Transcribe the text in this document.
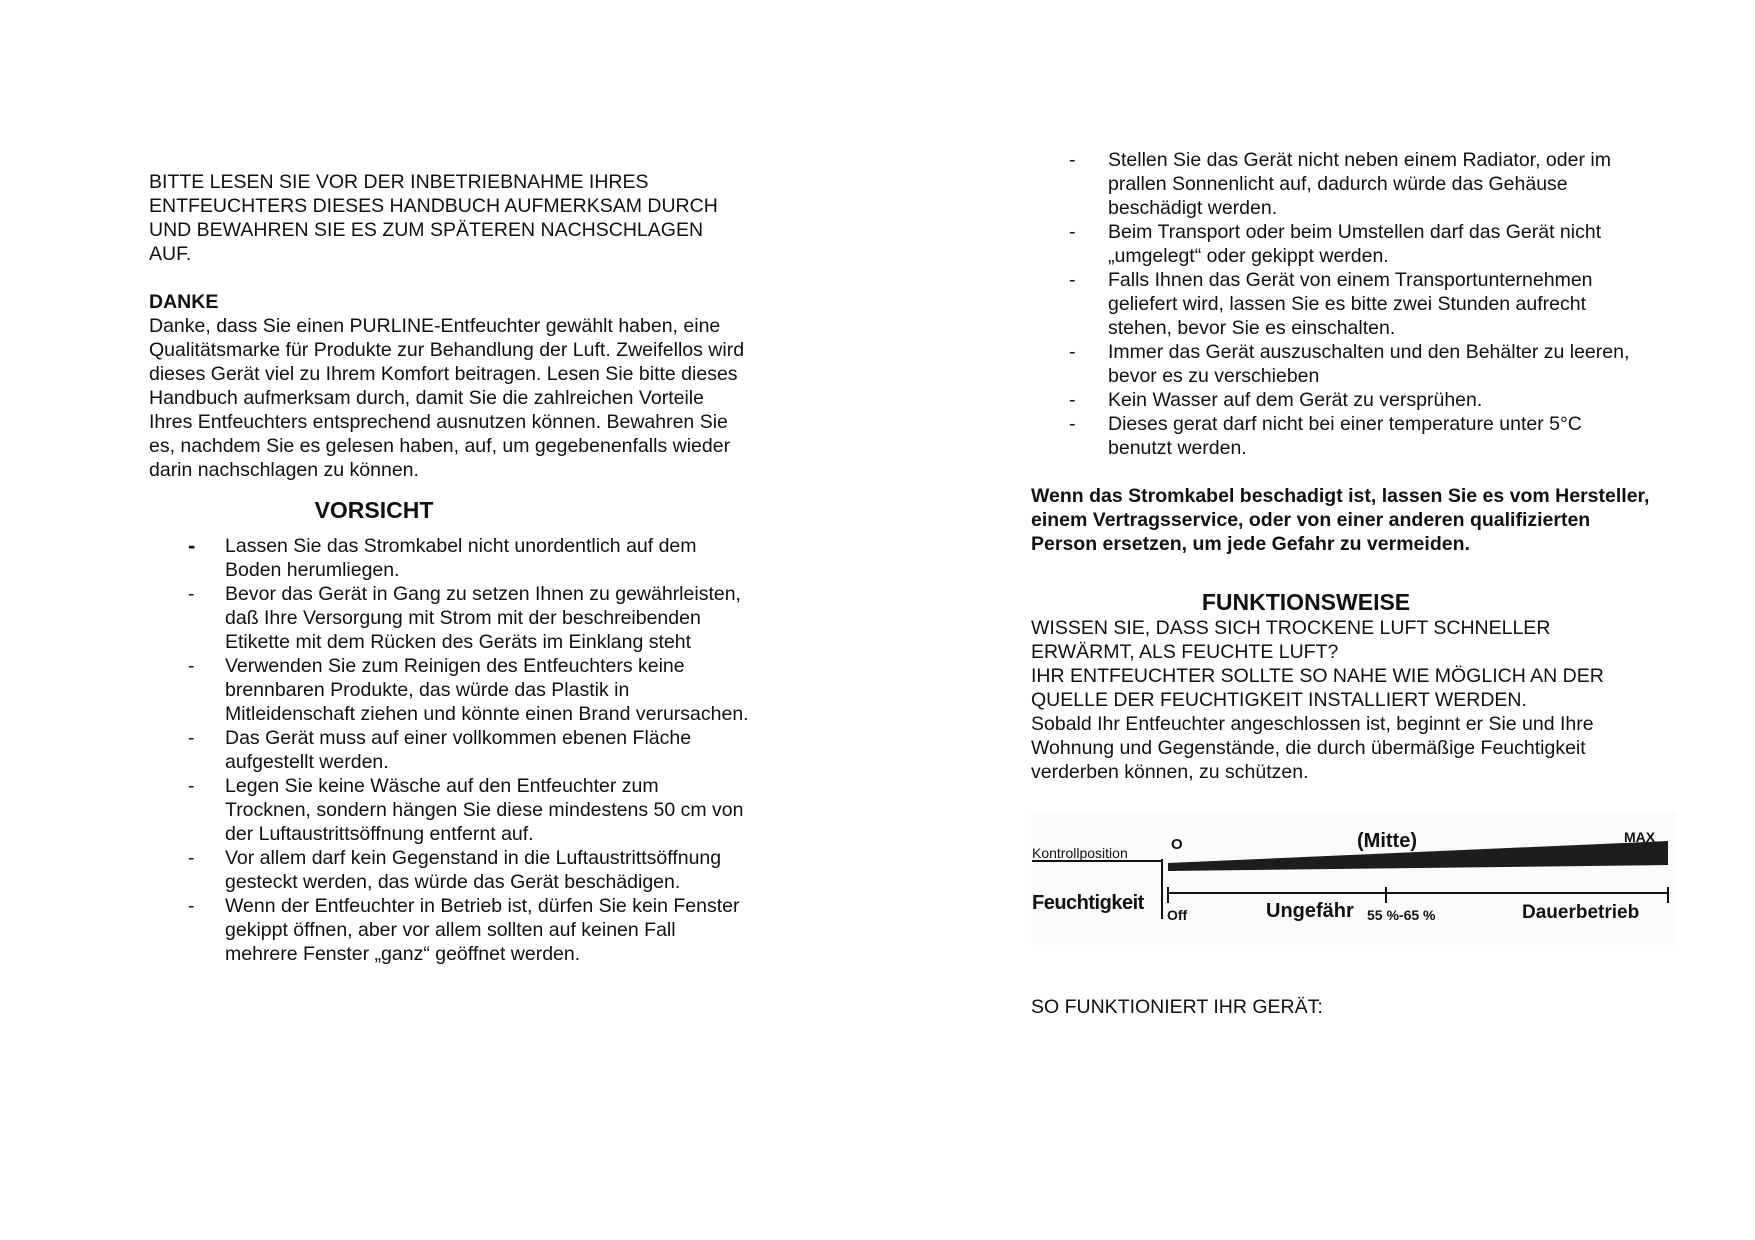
BITTE LESEN SIE VOR DER INBETRIEBNAHME IHRES ENTFEUCHTERS DIESES HANDBUCH AUFMERKSAM DURCH UND BEWAHREN SIE ES ZUM SPÄTEREN NACHSCHLAGEN AUF.

DANKE

Danke, dass Sie einen PURLINE-Entfeuchter gewählt haben, eine Qualitätsmarke für Produkte zur Behandlung der Luft. Zweifellos wird dieses Gerät viel zu Ihrem Komfort beitragen. Lesen Sie bitte dieses Handbuch aufmerksam durch, damit Sie die zahlreichen Vorteile Ihres Entfeuchters entsprechend ausnutzen können. Bewahren Sie es, nachdem Sie es gelesen haben, auf, um gegebenenfalls wieder darin nachschlagen zu können.

VORSICHT
- Lassen Sie das Stromkabel nicht unordentlich auf dem Boden herumliegen.
- Bevor das Gerät in Gang zu setzen Ihnen zu gewährleisten, daß Ihre Versorgung mit Strom mit der beschreibenden Etikette mit dem Rücken des Geräts im Einklang steht
- Verwenden Sie zum Reinigen des Entfeuchters keine brennbaren Produkte, das würde das Plastik in Mitleidenschaft ziehen und könnte einen Brand verursachen.
- Das Gerät muss auf einer vollkommen ebenen Fläche aufgestellt werden.
- Legen Sie keine Wäsche auf den Entfeuchter zum Trocknen, sondern hängen Sie diese mindestens 50 cm von der Luftaustrittsöffnung entfernt auf.
- Vor allem darf kein Gegenstand in die Luftaustrittsöffnung gesteckt werden, das würde das Gerät beschädigen.
- Wenn der Entfeuchter in Betrieb ist, dürfen Sie kein Fenster gekippt öffnen, aber vor allem sollten auf keinen Fall mehrere Fenster „ganz“ geöffnet werden.
- Stellen Sie das Gerät nicht neben einem Radiator, oder im prallen Sonnenlicht auf, dadurch würde das Gehäuse beschädigt werden.
- Beim Transport oder beim Umstellen darf das Gerät nicht „umgelegt“ oder gekippt werden.
- Falls Ihnen das Gerät von einem Transportunternehmen geliefert wird, lassen Sie es bitte zwei Stunden aufrecht stehen, bevor Sie es einschalten.
- Immer das Gerät auszuschalten und den Behälter zu leeren, bevor es zu verschieben
- Kein Wasser auf dem Gerät zu versprühen.
- Dieses gerat darf nicht bei einer temperature unter 5°C benutzt werden.

Wenn das Stromkabel beschadigt ist, lassen Sie es vom Hersteller, einem Vertragsservice, oder von einer anderen qualifizierten Person ersetzen, um jede Gefahr zu vermeiden.

FUNKTIONSWEISE

WISSEN SIE, DASS SICH TROCKENE LUFT SCHNELLER ERWÄRMT, ALS FEUCHTE LUFT?

IHR ENTFEUCHTER SOLLTE SO NAHE WIE MÖGLICH AN DER QUELLE DER FEUCHTIGKEIT INSTALLIERT WERDEN.

Sobald Ihr Entfeuchter angeschlossen ist, beginnt er Sie und Ihre Wohnung und Gegenstände, die durch übermäßige Feuchtigkeit verderben können, zu schützen.

Kontrollposition
Feuchtigkeit
O	(Mitte)	MAX
Off	Ungefähr 55 %-65 %	Dauerbetrieb

SO FUNKTIONIERT IHR GERÄT:
